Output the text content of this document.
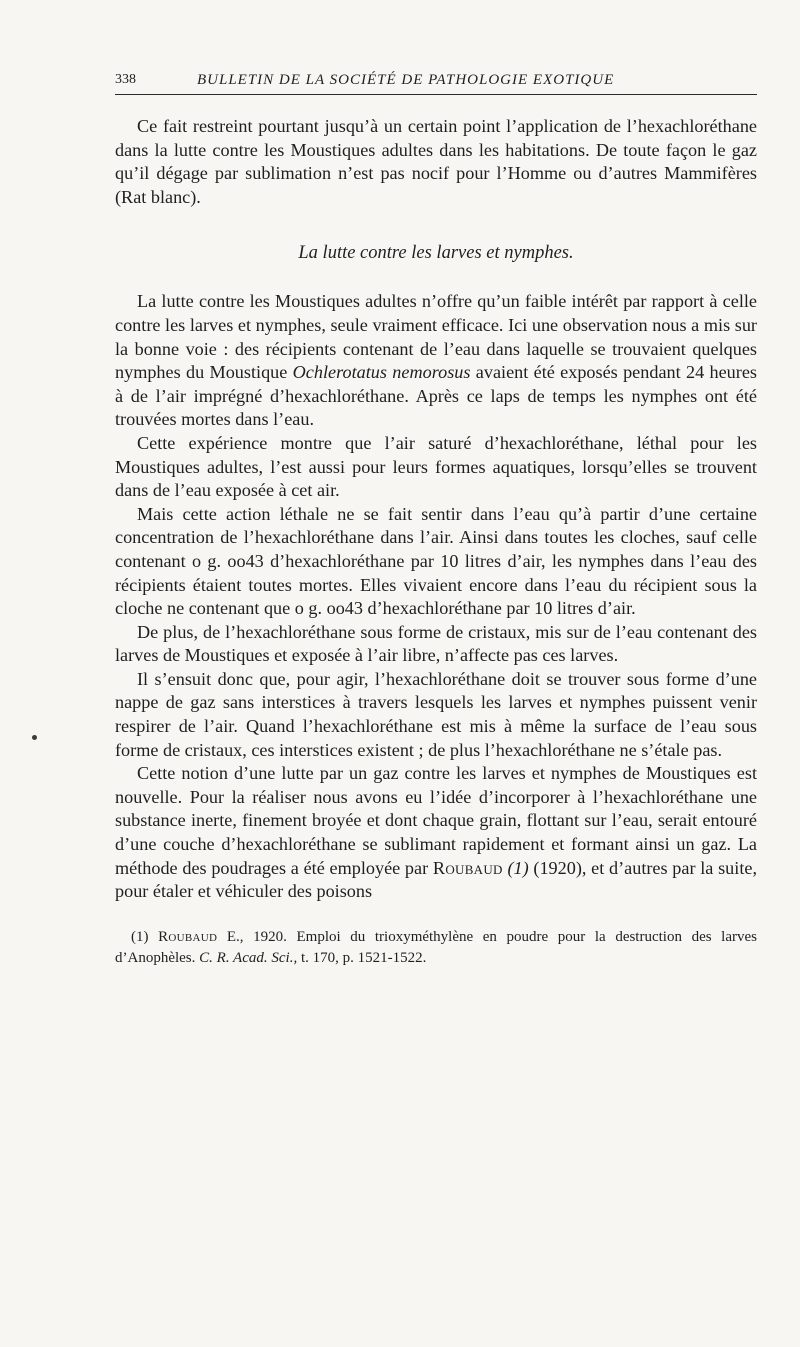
338	BULLETIN DE LA SOCIÉTÉ DE PATHOLOGIE EXOTIQUE

Ce fait restreint pourtant jusqu’à un certain point l’application de l’hexachloréthane dans la lutte contre les Moustiques adultes dans les habitations. De toute façon le gaz qu’il dégage par sublimation n’est pas nocif pour l’Homme ou d’autres Mammifères (Rat blanc).

La lutte contre les larves et nymphes.

La lutte contre les Moustiques adultes n’offre qu’un faible intérêt par rapport à celle contre les larves et nymphes, seule vraiment efficace. Ici une observation nous a mis sur la bonne voie : des récipients contenant de l’eau dans laquelle se trouvaient quelques nymphes du Moustique Ochlerotatus nemorosus avaient été exposés pendant 24 heures à de l’air imprégné d’hexachloréthane. Après ce laps de temps les nymphes ont été trouvées mortes dans l’eau.

Cette expérience montre que l’air saturé d’hexachloréthane, léthal pour les Moustiques adultes, l’est aussi pour leurs formes aquatiques, lorsqu’elles se trouvent dans de l’eau exposée à cet air.

Mais cette action léthale ne se fait sentir dans l’eau qu’à partir d’une certaine concentration de l’hexachloréthane dans l’air. Ainsi dans toutes les cloches, sauf celle contenant o g. oo43 d’hexachloréthane par 10 litres d’air, les nymphes dans l’eau des récipients étaient toutes mortes. Elles vivaient encore dans l’eau du récipient sous la cloche ne contenant que o g. oo43 d’hexachloréthane par 10 litres d’air.

De plus, de l’hexachloréthane sous forme de cristaux, mis sur de l’eau contenant des larves de Moustiques et exposée à l’air libre, n’affecte pas ces larves.

Il s’ensuit donc que, pour agir, l’hexachloréthane doit se trouver sous forme d’une nappe de gaz sans interstices à travers lesquels les larves et nymphes puissent venir respirer de l’air. Quand l’hexachloréthane est mis à même la surface de l’eau sous forme de cristaux, ces interstices existent ; de plus l’hexachloréthane ne s’étale pas.

Cette notion d’une lutte par un gaz contre les larves et nymphes de Moustiques est nouvelle. Pour la réaliser nous avons eu l’idée d’incorporer à l’hexachloréthane une substance inerte, finement broyée et dont chaque grain, flottant sur l’eau, serait entouré d’une couche d’hexachloréthane se sublimant rapidement et formant ainsi un gaz. La méthode des poudrages a été employée par Roubaud (1) (1920), et d’autres par la suite, pour étaler et véhiculer des poisons

(1) Roubaud E., 1920. Emploi du trioxyméthylène en poudre pour la destruction des larves d’Anophèles. C. R. Acad. Sci., t. 170, p. 1521-1522.
